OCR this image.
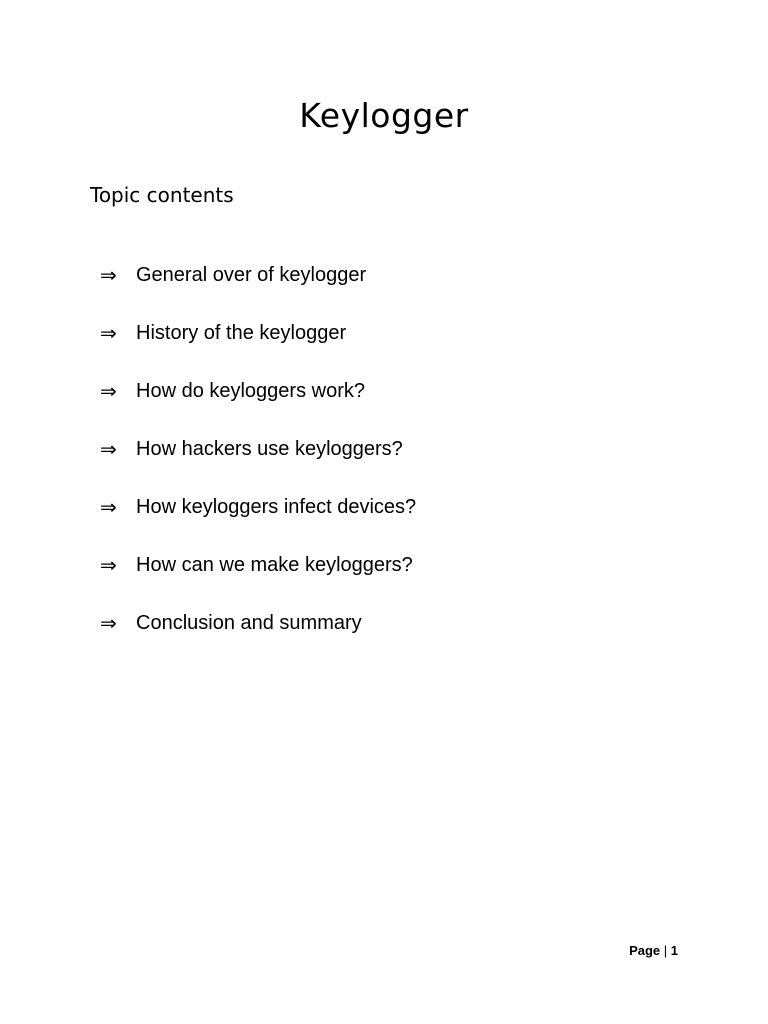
Keylogger
Topic contents
⇒ General over of keylogger
⇒ History of the keylogger
⇒ How do keyloggers work?
⇒ How hackers use keyloggers?
⇒ How keyloggers infect devices?
⇒ How can we make keyloggers?
⇒ Conclusion and summary
Page | 1
